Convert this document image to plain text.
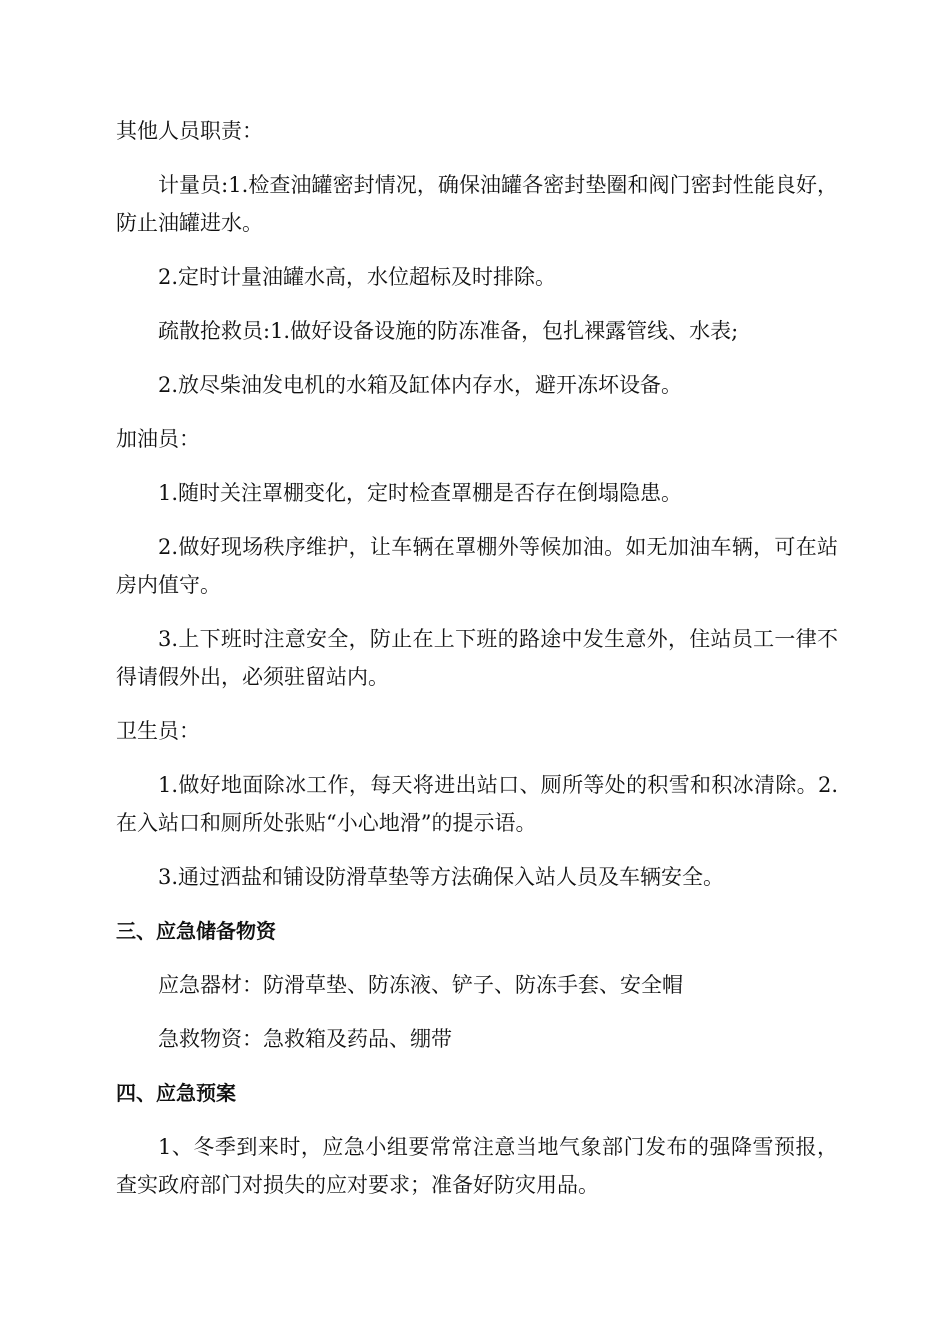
其他人员职责：

计量员:1.检查油罐密封情况，确保油罐各密封垫圈和阀门密封性能良好，防止油罐进水。

2.定时计量油罐水高，水位超标及时排除。

疏散抢救员:1.做好设备设施的防冻准备，包扎裸露管线、水表;

2.放尽柴油发电机的水箱及缸体内存水，避开冻坏设备。

加油员：

1.随时关注罩棚变化，定时检查罩棚是否存在倒塌隐患。

2.做好现场秩序维护，让车辆在罩棚外等候加油。如无加油车辆，可在站房内值守。

3.上下班时注意安全，防止在上下班的路途中发生意外，住站员工一律不得请假外出，必须驻留站内。

卫生员：

1.做好地面除冰工作，每天将进出站口、厕所等处的积雪和积冰清除。2.在入站口和厕所处张贴“小心地滑”的提示语。

3.通过洒盐和铺设防滑草垫等方法确保入站人员及车辆安全。

三、应急储备物资

应急器材：防滑草垫、防冻液、铲子、防冻手套、安全帽

急救物资：急救箱及药品、绷带

四、应急预案

1、冬季到来时，应急小组要常常注意当地气象部门发布的强降雪预报，查实政府部门对损失的应对要求；准备好防灾用品。
